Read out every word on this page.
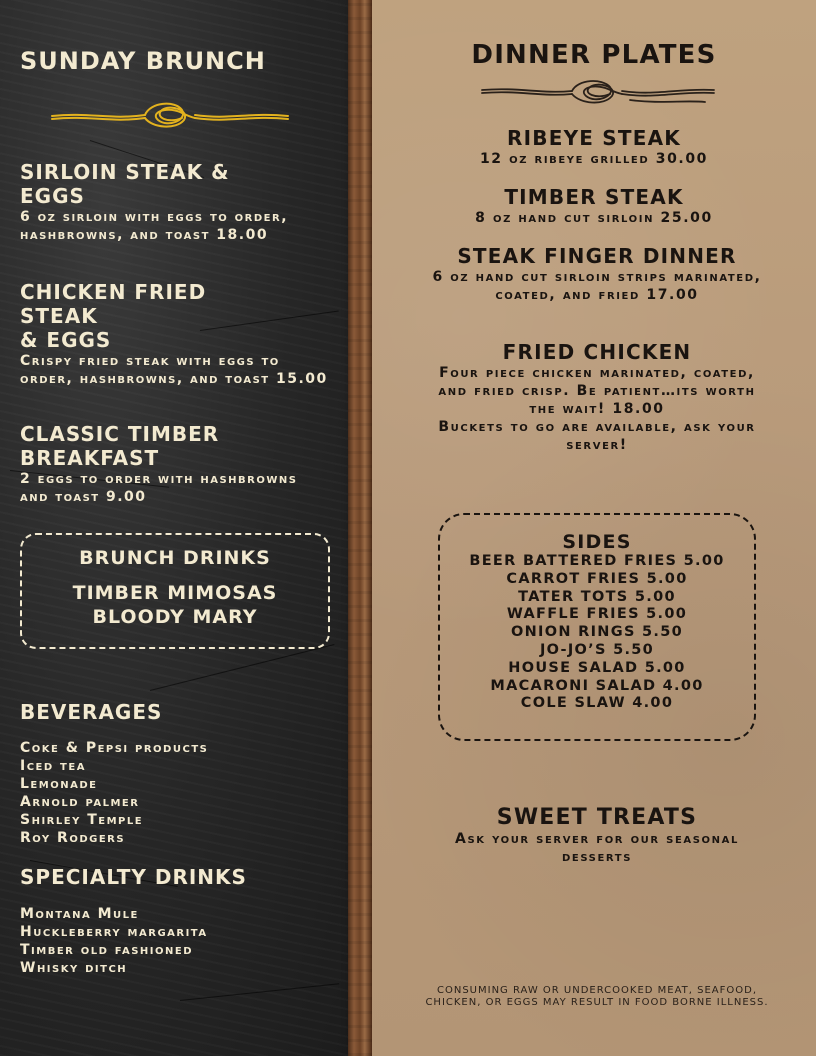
SUNDAY BRUNCH
SIRLOIN STEAK &
EGGS
6 oz sirloin with eggs to order, hashbrowns, and toast 18.00
CHICKEN FRIED
STEAK
& EGGS
Crispy fried steak with eggs to order, hashbrowns, and toast 15.00
CLASSIC TIMBER
BREAKFAST
2 eggs to order with hashbrowns and toast 9.00
BRUNCH DRINKS
TIMBER MIMOSAS
BLOODY MARY
BEVERAGES
Coke & Pepsi products
Iced tea
Lemonade
Arnold palmer
Shirley Temple
Roy Rodgers
SPECIALTY DRINKS
Montana Mule
Huckleberry margarita
Timber old fashioned
Whisky ditch
DINNER PLATES
RIBEYE STEAK
12 oz ribeye grilled 30.00
TIMBER STEAK
8 oz hand cut sirloin 25.00
STEAK FINGER DINNER
6 oz hand cut sirloin strips marinated, coated, and fried 17.00
FRIED CHICKEN
Four piece chicken marinated, coated, and fried crisp. Be patient…its worth the wait! 18.00
Buckets to go are available, ask your server!
SIDES
BEER BATTERED FRIES 5.00
CARROT FRIES 5.00
TATER TOTS 5.00
WAFFLE FRIES 5.00
ONION RINGS 5.50
JO-JO’S 5.50
HOUSE SALAD 5.00
MACARONI SALAD 4.00
COLE SLAW 4.00
SWEET TREATS
Ask your server for our seasonal desserts
CONSUMING RAW OR UNDERCOOKED MEAT, SEAFOOD, CHICKEN, OR EGGS MAY RESULT IN FOOD BORNE ILLNESS.
